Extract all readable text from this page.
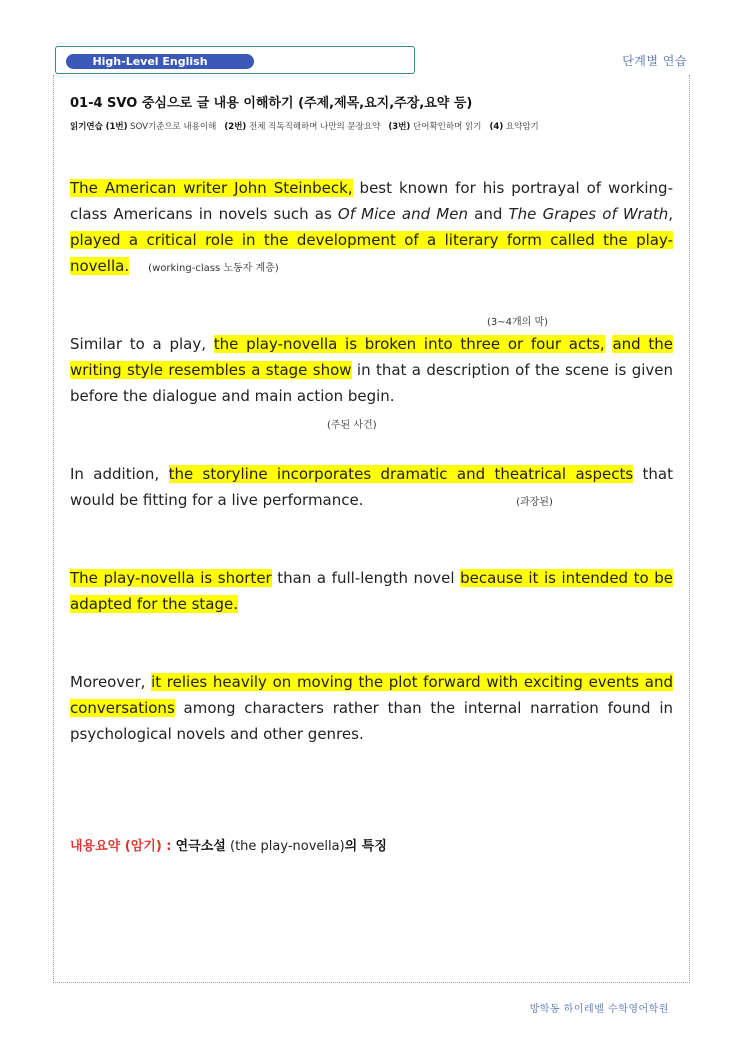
High-Level English	단계별 연습
01-4 SVO 중심으로 글 내용 이해하기 (주제,제목,요지,주장,요약 등)
읽기연습 (1번) SOV기준으로 내용이해 (2번) 전체 직독직해하며 나만의 문장요약 (3번) 단어확인하며 읽기 (4) 요약암기

The American writer John Steinbeck, best known for his portrayal of working-class Americans in novels such as Of Mice and Men and The Grapes of Wrath, played a critical role in the development of a literary form called the play-novella. (working-class 노동자 계층)

(3~4개의 막)

Similar to a play, the play-novella is broken into three or four acts, and the writing style resembles a stage show in that a description of the scene is given before the dialogue and main action begin.

(주된 사건)

In addition, the storyline incorporates dramatic and theatrical aspects that would be fitting for a live performance.	(과장된)

The play-novella is shorter than a full-length novel because it is intended to be adapted for the stage.

Moreover, it relies heavily on moving the plot forward with exciting events and conversations among characters rather than the internal narration found in psychological novels and other genres.

내용요약 (암기) : 연극소설 (the play-novella)의 특징
방학동 하이레벨 수학영어학원
